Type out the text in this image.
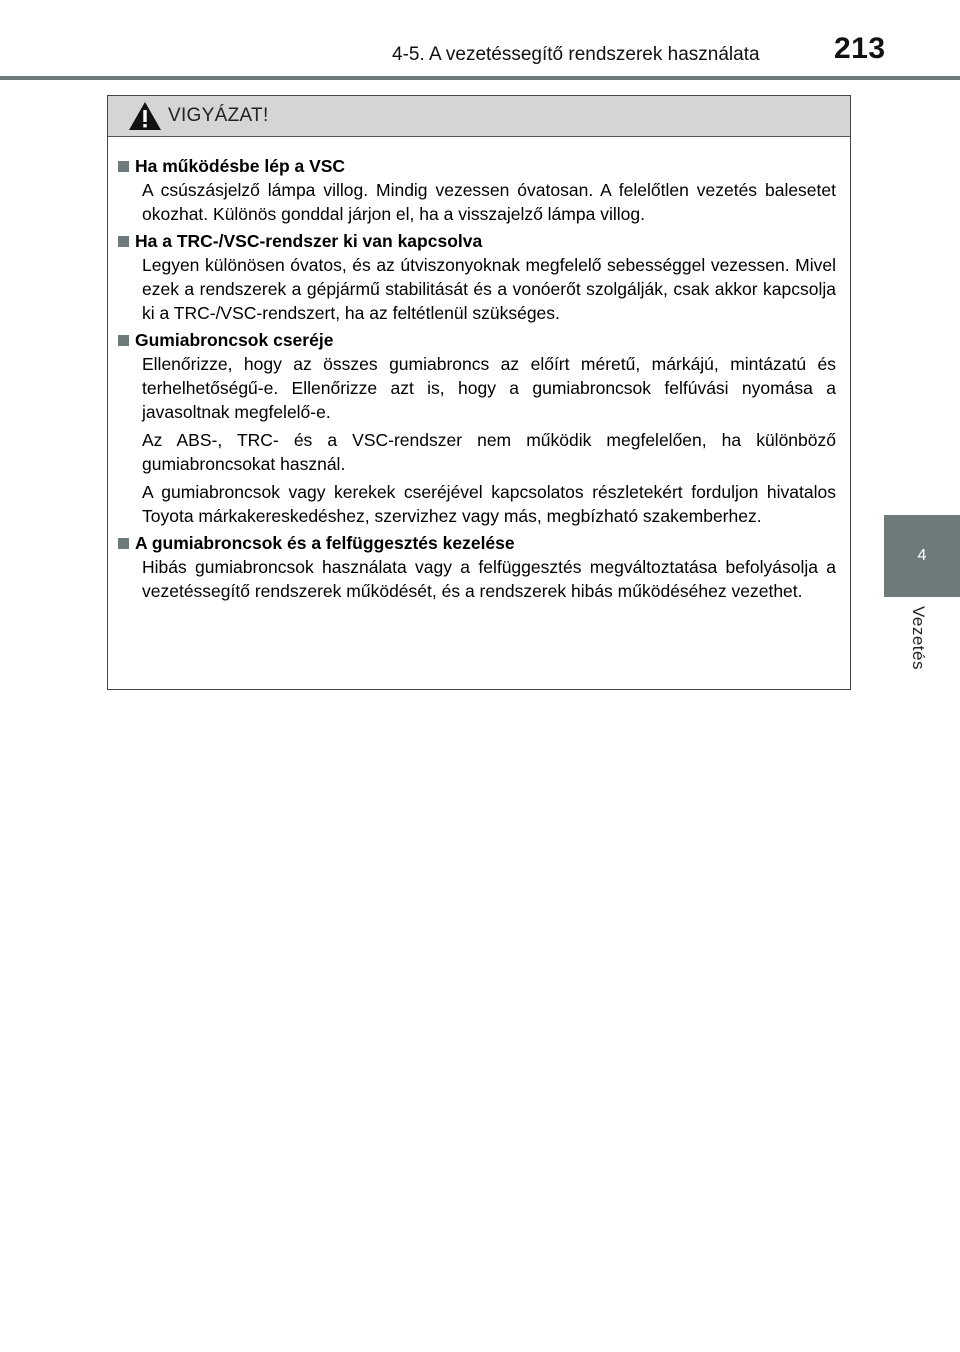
4-5. A vezetéssegítő rendszerek használata 213
4
Vezetés
VIGYÁZAT!
Ha működésbe lép a VSC

A csúszásjelző lámpa villog. Mindig vezessen óvatosan. A felelőtlen vezetés balesetet okozhat. Különös gonddal járjon el, ha a visszajelző lámpa villog.

Ha a TRC-/VSC-rendszer ki van kapcsolva

Legyen különösen óvatos, és az útviszonyoknak megfelelő sebességgel vezessen. Mivel ezek a rendszerek a gépjármű stabilitását és a vonóerőt szolgálják, csak akkor kapcsolja ki a TRC-/VSC-rendszert, ha az feltétlenül szükséges.

Gumiabroncsok cseréje

Ellenőrizze, hogy az összes gumiabroncs az előírt méretű, márkájú, mintázatú és terhelhetőségű-e. Ellenőrizze azt is, hogy a gumiabroncsok felfúvási nyomása a javasoltnak megfelelő-e.

Az ABS-, TRC- és a VSC-rendszer nem működik megfelelően, ha különböző gumiabroncsokat használ.

A gumiabroncsok vagy kerekek cseréjével kapcsolatos részletekért forduljon hivatalos Toyota márkakereskedéshez, szervizhez vagy más, megbízható szakemberhez.

A gumiabroncsok és a felfüggesztés kezelése

Hibás gumiabroncsok használata vagy a felfüggesztés megváltoztatása befolyásolja a vezetéssegítő rendszerek működését, és a rendszerek hibás működéséhez vezethet.
